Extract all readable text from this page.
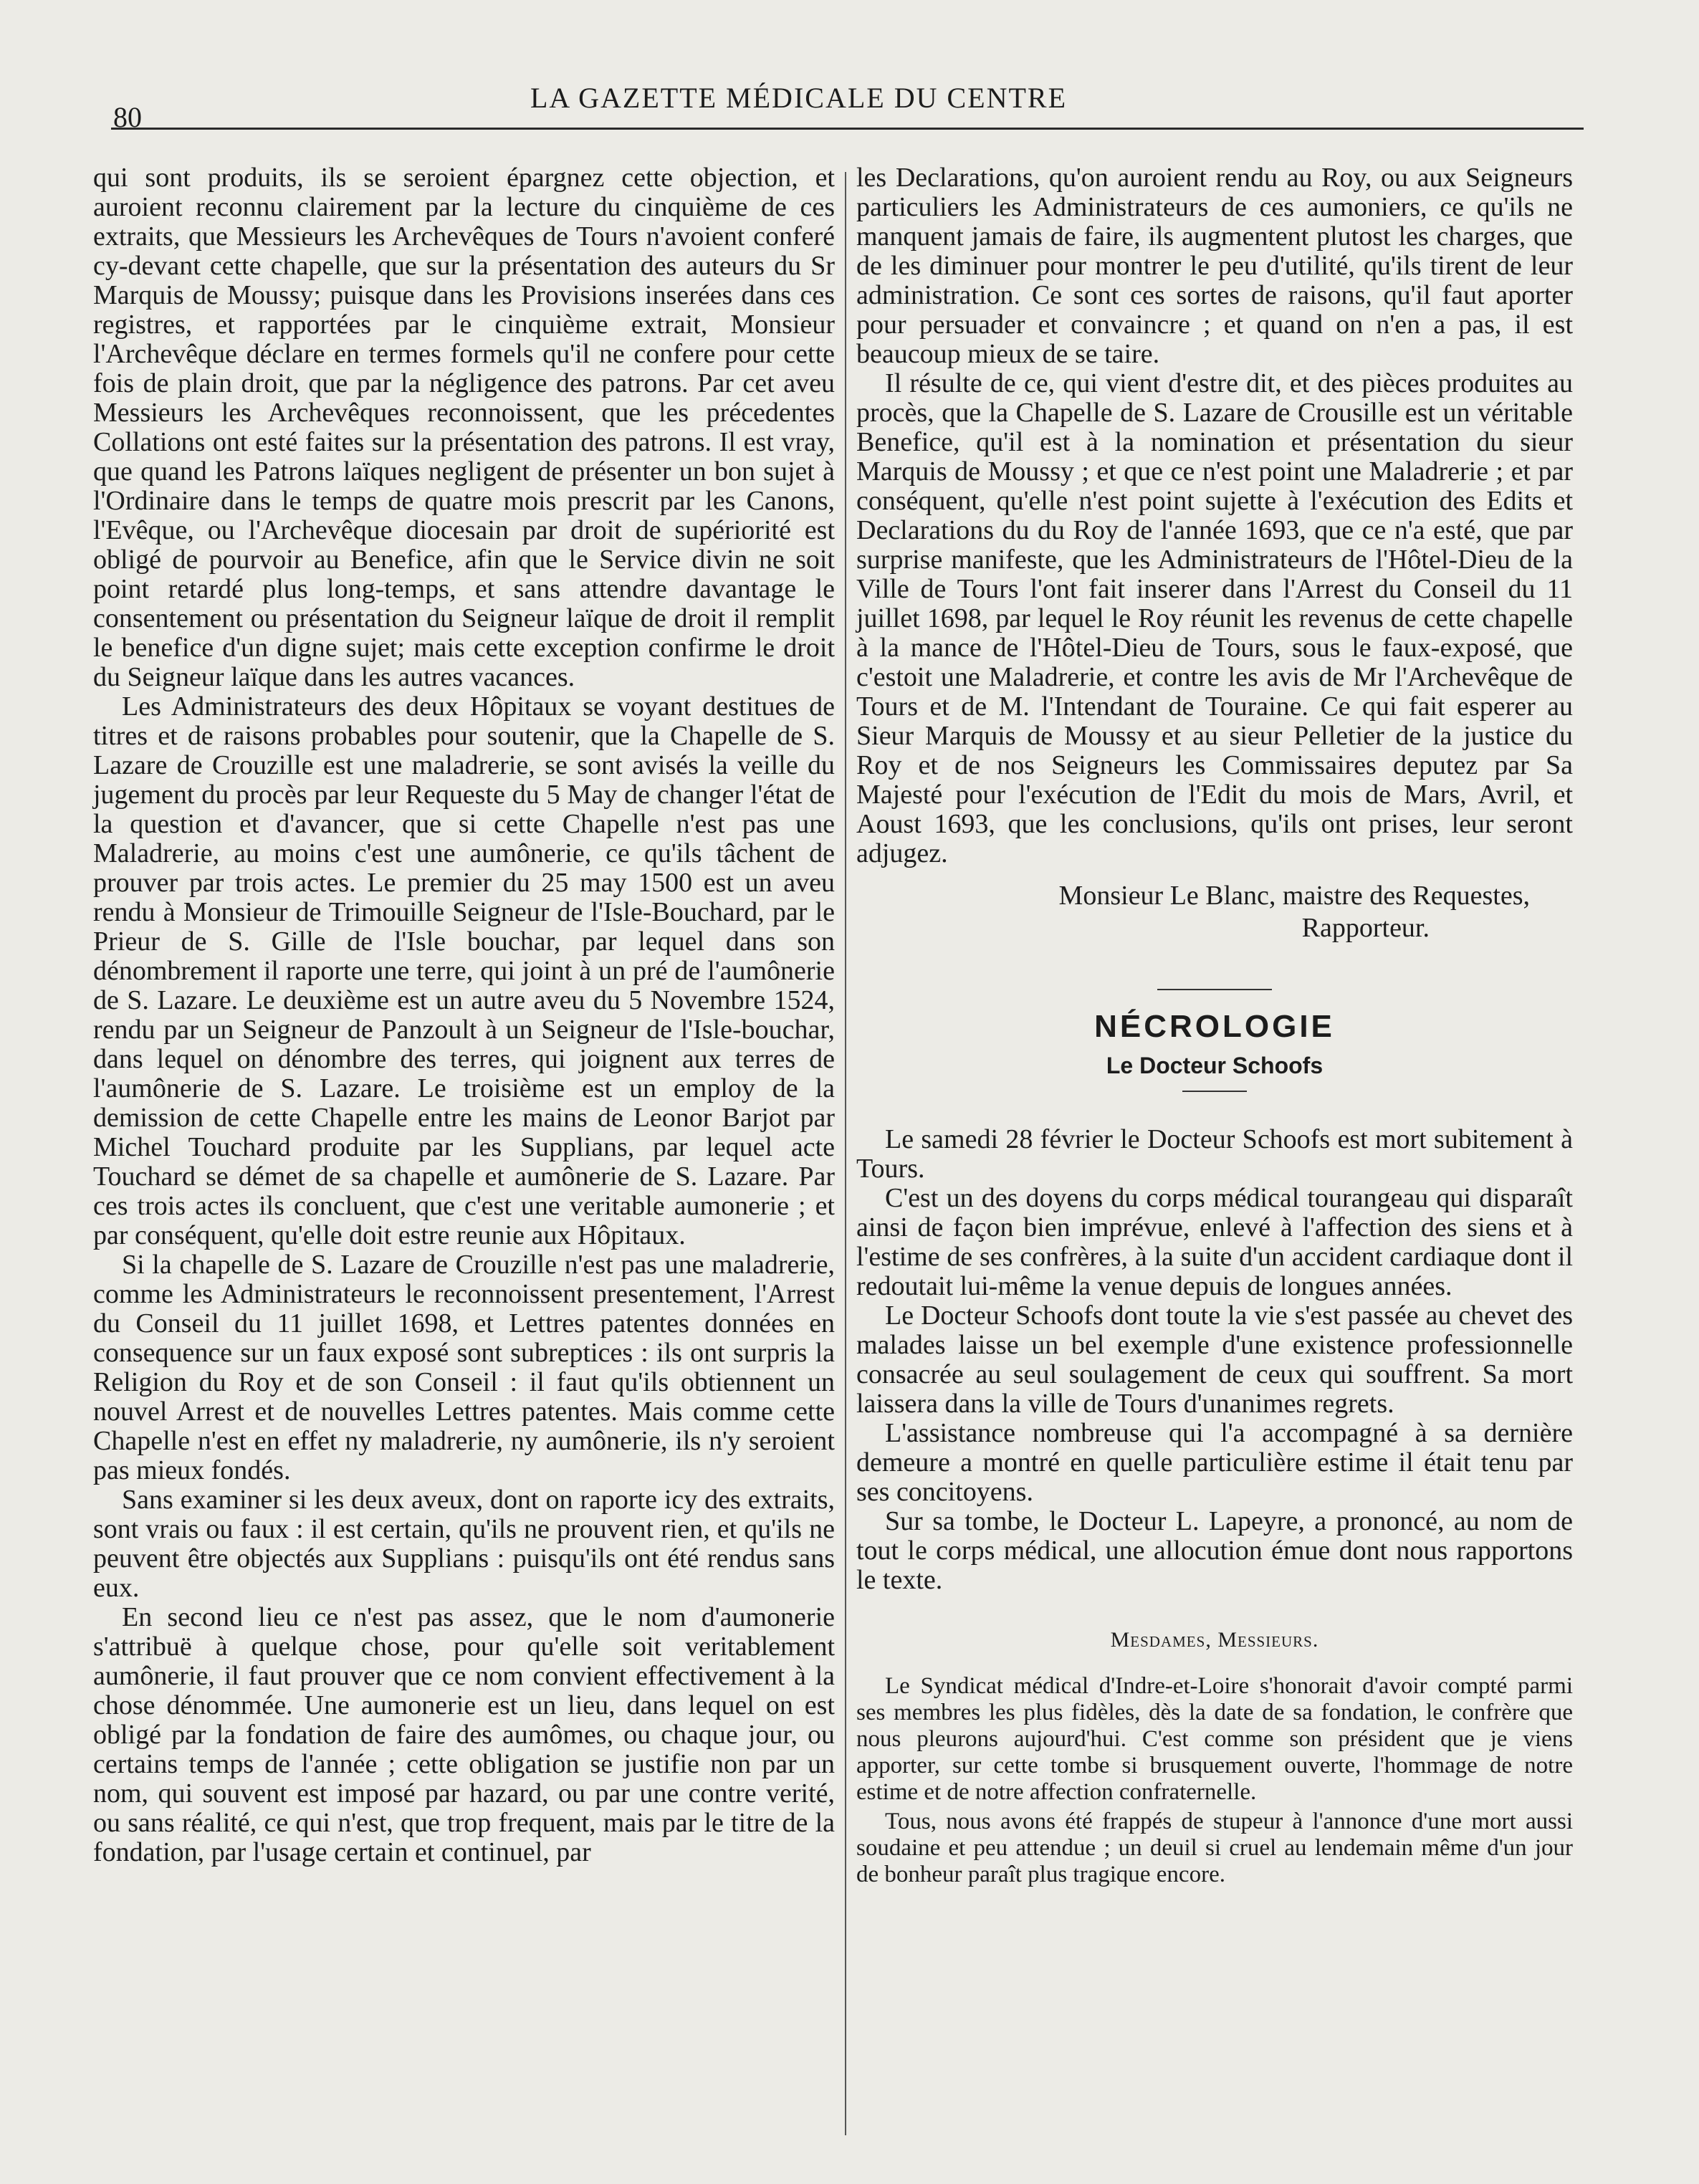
80
LA GAZETTE MÉDICALE DU CENTRE

qui sont produits, ils se seroient épargnez cette objection, et auroient reconnu clairement par la lecture du cinquième de ces extraits, que Messieurs les Archevêques de Tours n'avoient conferé cy-devant cette chapelle, que sur la présentation des auteurs du Sr Marquis de Moussy; puisque dans les Provisions inserées dans ces registres, et rapportées par le cinquième extrait, Monsieur l'Archevêque déclare en termes formels qu'il ne confere pour cette fois de plain droit, que par la négligence des patrons. Par cet aveu Messieurs les Archevêques reconnoissent, que les précedentes Collations ont esté faites sur la présentation des patrons. Il est vray, que quand les Patrons laïques negligent de présenter un bon sujet à l'Ordinaire dans le temps de quatre mois prescrit par les Canons, l'Evêque, ou l'Archevêque diocesain par droit de supériorité est obligé de pourvoir au Benefice, afin que le Service divin ne soit point retardé plus long-temps, et sans attendre davantage le consentement ou présentation du Seigneur laïque de droit il remplit le benefice d'un digne sujet; mais cette exception confirme le droit du Seigneur laïque dans les autres vacances.

Les Administrateurs des deux Hôpitaux se voyant destitues de titres et de raisons probables pour soutenir, que la Chapelle de S. Lazare de Crouzille est une maladrerie, se sont avisés la veille du jugement du procès par leur Requeste du 5 May de changer l'état de la question et d'avancer, que si cette Chapelle n'est pas une Maladrerie, au moins c'est une aumônerie, ce qu'ils tâchent de prouver par trois actes. Le premier du 25 may 1500 est un aveu rendu à Monsieur de Trimouille Seigneur de l'Isle-Bouchard, par le Prieur de S. Gille de l'Isle bouchar, par lequel dans son dénombrement il raporte une terre, qui joint à un pré de l'aumônerie de S. Lazare. Le deuxième est un autre aveu du 5 Novembre 1524, rendu par un Seigneur de Panzoult à un Seigneur de l'Isle-bouchar, dans lequel on dénombre des terres, qui joignent aux terres de l'aumônerie de S. Lazare. Le troisième est un employ de la demission de cette Chapelle entre les mains de Leonor Barjot par Michel Touchard produite par les Supplians, par lequel acte Touchard se démet de sa chapelle et aumônerie de S. Lazare. Par ces trois actes ils concluent, que c'est une veritable aumonerie ; et par conséquent, qu'elle doit estre reunie aux Hôpitaux.

Si la chapelle de S. Lazare de Crouzille n'est pas une maladrerie, comme les Administrateurs le reconnoissent presentement, l'Arrest du Conseil du 11 juillet 1698, et Lettres patentes données en consequence sur un faux exposé sont subreptices : ils ont surpris la Religion du Roy et de son Conseil : il faut qu'ils obtiennent un nouvel Arrest et de nouvelles Lettres patentes. Mais comme cette Chapelle n'est en effet ny maladrerie, ny aumônerie, ils n'y seroient pas mieux fondés.

Sans examiner si les deux aveux, dont on raporte icy des extraits, sont vrais ou faux : il est certain, qu'ils ne prouvent rien, et qu'ils ne peuvent être objectés aux Supplians : puisqu'ils ont été rendus sans eux.

En second lieu ce n'est pas assez, que le nom d'aumonerie s'attribuë à quelque chose, pour qu'elle soit veritablement aumônerie, il faut prouver que ce nom convient effectivement à la chose dénommée. Une aumonerie est un lieu, dans lequel on est obligé par la fondation de faire des aumômes, ou chaque jour, ou certains temps de l'année ; cette obligation se justifie non par un nom, qui souvent est imposé par hazard, ou par une contre verité, ou sans réalité, ce qui n'est, que trop frequent, mais par le titre de la fondation, par l'usage certain et continuel, par

les Declarations, qu'on auroient rendu au Roy, ou aux Seigneurs particuliers les Administrateurs de ces aumoniers, ce qu'ils ne manquent jamais de faire, ils augmentent plutost les charges, que de les diminuer pour montrer le peu d'utilité, qu'ils tirent de leur administration. Ce sont ces sortes de raisons, qu'il faut aporter pour persuader et convaincre ; et quand on n'en a pas, il est beaucoup mieux de se taire.

Il résulte de ce, qui vient d'estre dit, et des pièces produites au procès, que la Chapelle de S. Lazare de Crousille est un véritable Benefice, qu'il est à la nomination et présentation du sieur Marquis de Moussy ; et que ce n'est point une Maladrerie ; et par conséquent, qu'elle n'est point sujette à l'exécution des Edits et Declarations du du Roy de l'année 1693, que ce n'a esté, que par surprise manifeste, que les Administrateurs de l'Hôtel-Dieu de la Ville de Tours l'ont fait inserer dans l'Arrest du Conseil du 11 juillet 1698, par lequel le Roy réunit les revenus de cette chapelle à la mance de l'Hôtel-Dieu de Tours, sous le faux-exposé, que c'estoit une Maladrerie, et contre les avis de Mr l'Archevêque de Tours et de M. l'Intendant de Touraine. Ce qui fait esperer au Sieur Marquis de Moussy et au sieur Pelletier de la justice du Roy et de nos Seigneurs les Commissaires deputez par Sa Majesté pour l'exécution de l'Edit du mois de Mars, Avril, et Aoust 1693, que les conclusions, qu'ils ont prises, leur seront adjugez.

Monsieur Le Blanc, maistre des Requestes,
Rapporteur.
NÉCROLOGIE
Le Docteur Schoofs

Le samedi 28 février le Docteur Schoofs est mort subitement à Tours.

C'est un des doyens du corps médical tourangeau qui disparaît ainsi de façon bien imprévue, enlevé à l'affection des siens et à l'estime de ses confrères, à la suite d'un accident cardiaque dont il redoutait lui-même la venue depuis de longues années.

Le Docteur Schoofs dont toute la vie s'est passée au chevet des malades laisse un bel exemple d'une existence professionnelle consacrée au seul soulagement de ceux qui souffrent. Sa mort laissera dans la ville de Tours d'unanimes regrets.

L'assistance nombreuse qui l'a accompagné à sa dernière demeure a montré en quelle particulière estime il était tenu par ses concitoyens.

Sur sa tombe, le Docteur L. Lapeyre, a prononcé, au nom de tout le corps médical, une allocution émue dont nous rapportons le texte.

Mesdames, Messieurs.

Le Syndicat médical d'Indre-et-Loire s'honorait d'avoir compté parmi ses membres les plus fidèles, dès la date de sa fondation, le confrère que nous pleurons aujourd'hui. C'est comme son président que je viens apporter, sur cette tombe si brusquement ouverte, l'hommage de notre estime et de notre affection confraternelle.

Tous, nous avons été frappés de stupeur à l'annonce d'une mort aussi soudaine et peu attendue ; un deuil si cruel au lendemain même d'un jour de bonheur paraît plus tragique encore.
